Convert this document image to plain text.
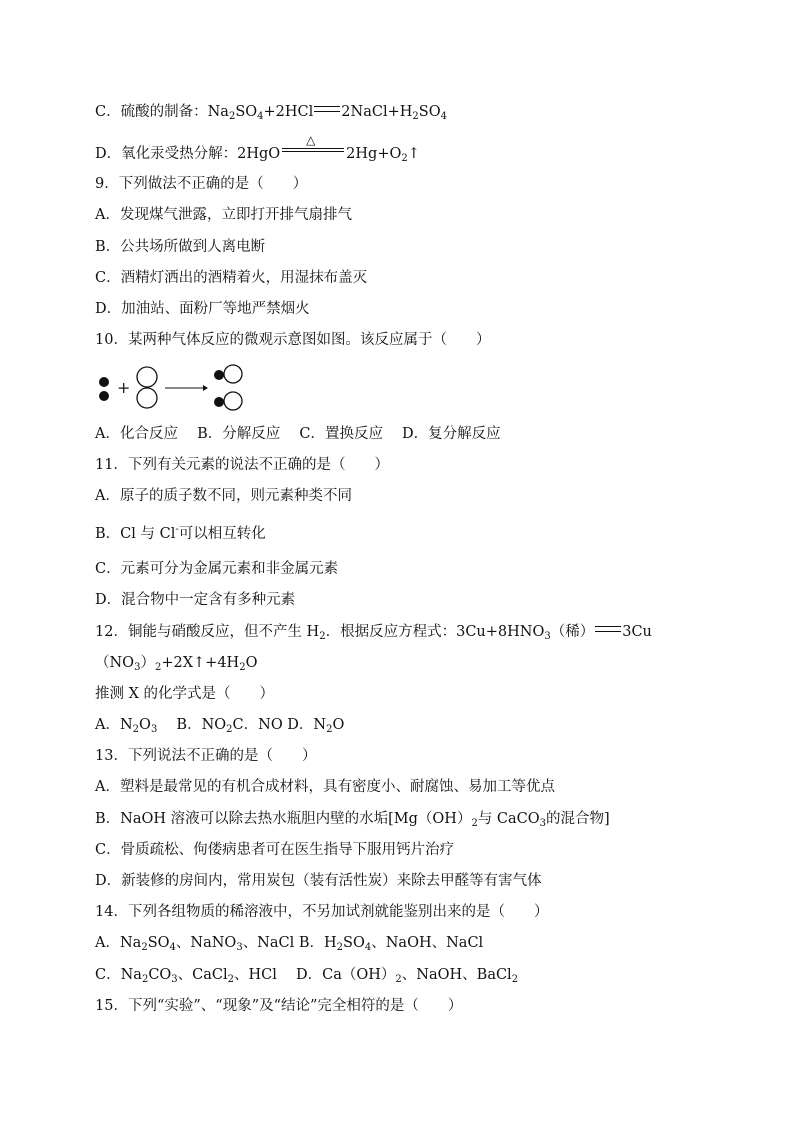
C．硫酸的制备：$Na_2SO_4+2HCl$ $2NaCl+H_2SO_4$
D．氧化汞受热分解：2HgO
△
$2Hg+O_2↑$
9．下列做法不正确的是（　　）
A．发现煤气泄露，立即打开排气扇排气
B．公共场所做到人离电断
C．酒精灯洒出的酒精着火，用湿抹布盖灭
D．加油站、面粉厂等地严禁烟火
10．某两种气体反应的微观示意图如图。该反应属于（　　）
+
A．化合反应　 B．分解反应　 C．置换反应　 D．复分解反应
11．下列有关元素的说法不正确的是（　　）
A．原子的质子数不同，则元素种类不同
B．Cl 与 Cl-可以相互转化
C．元素可分为金属元素和非金属元素
D．混合物中一定含有多种元素
12．铜能与硝酸反应，但不产生 $H_2$．根据反应方程式：$3Cu+8HNO_3$（稀） 3Cu
$(NO_3)_2+2X↑+4H_2O$
推测 X 的化学式是（　　）
A．$N_2O_3$　 B．$NO_2C$．NO D．$N_2O$
13．下列说法不正确的是（　　）
A．塑料是最常见的有机合成材料，具有密度小、耐腐蚀、易加工等优点
B．NaOH 溶液可以除去热水瓶胆内壁的水垢[$Mg(OH)_2$与 CaCO$_3$的混合物]
C．骨质疏松、佝偻病患者可在医生指导下服用钙片治疗
D．新装修的房间内，常用炭包（装有活性炭）来除去甲醛等有害气体
14．下列各组物质的稀溶液中，不另加试剂就能鉴别出来的是（　　）
A．$Na_2SO_4$、NaNO$_3$、NaCl B．$H_2SO_4$、NaOH、NaCl
C．$Na_2CO_3$、CaCl$_2$、HCl　 D．$Ca(OH)_2$、NaOH、BaCl$_2$
15．下列“实验”、“现象”及“结论”完全相符的是（　　）
